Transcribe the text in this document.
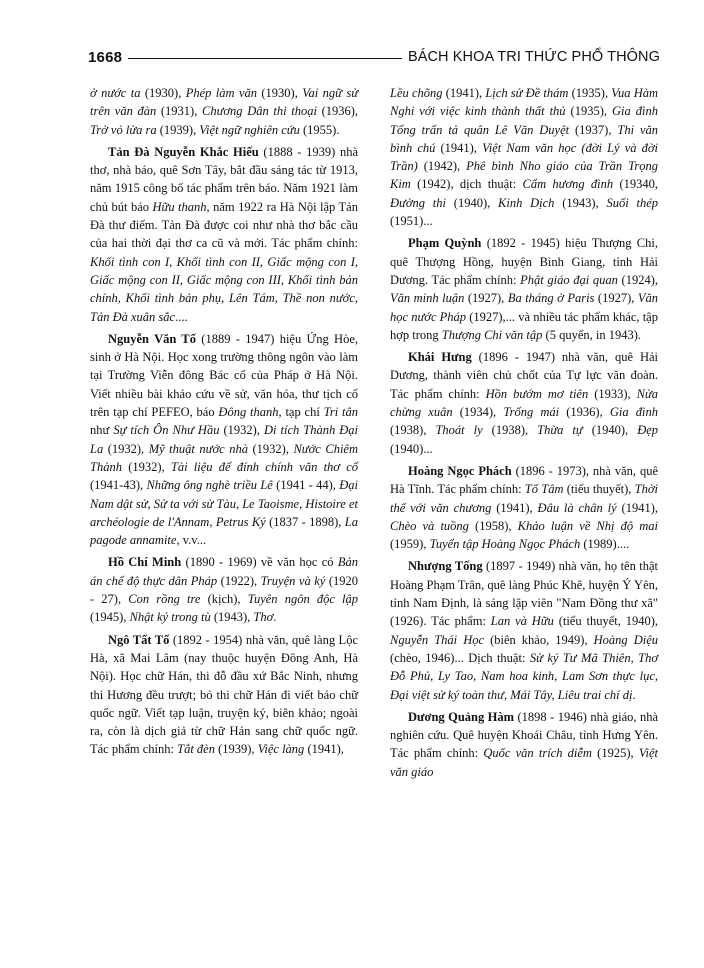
1668	BÁCH KHOA TRI THỨC PHỔ THÔNG

ở nước ta (1930), Phép làm văn (1930), Vai ngữ sử trên văn đàn (1931), Chương Dân thi thoại (1936), Trở vỏ lửa ra (1939), Việt ngữ nghiên cứu (1955).

Tản Đà Nguyễn Khắc Hiếu (1888 - 1939) nhà thơ, nhà báo, quê Sơn Tây, bắt đầu sáng tác từ 1913, năm 1915 công bố tác phẩm trên báo. Năm 1921 làm chủ bút báo Hữu thanh, năm 1922 ra Hà Nội lập Tản Đà thư điếm. Tản Đà được coi như nhà thơ bắc cầu của hai thời đại thơ ca cũ và mới. Tác phẩm chính: Khối tình con I, Khối tình con II, Giấc mộng con I, Giấc mộng con II, Giấc mộng con III, Khối tình bản chính, Khối tình bản phụ, Lên Tám, Thề non nước, Tản Đà xuân sắc....

Nguyễn Văn Tố (1889 - 1947) hiệu Ứng Hòe, sinh ở Hà Nội. Học xong trường thông ngôn vào làm tại Trường Viễn đông Bác cổ của Pháp ở Hà Nội. Viết nhiều bài khảo cứu về sử, văn hóa, thư tịch cổ trên tạp chí PEFEO, báo Đông thanh, tạp chí Tri tân như Sự tích Ôn Như Hầu (1932), Di tích Thành Đại La (1932), Mỹ thuật nước nhà (1932), Nước Chiêm Thành (1932), Tài liệu để đính chính văn thơ cổ (1941-43), Những ông nghè triều Lê (1941 - 44), Đại Nam dật sử, Sử ta với sử Tàu, Le Taoisme, Histoire et archéologie de l'Annam, Petrus Ký (1837 - 1898), La pagode annamite, v.v...

Hồ Chí Minh (1890 - 1969) về văn học có Bản án chế độ thực dân Pháp (1922), Truyện và ký (1920 - 27), Con rồng tre (kịch), Tuyên ngôn độc lập (1945), Nhật ký trong tù (1943), Thơ.

Ngô Tất Tố (1892 - 1954) nhà văn, quê làng Lộc Hà, xã Mai Lâm (nay thuộc huyện Đông Anh, Hà Nội). Học chữ Hán, thi đỗ đầu xứ Bắc Ninh, nhưng thi Hương đều trượt; bỏ thi chữ Hán đi viết báo chữ quốc ngữ. Viết tạp luận, truyện ký, biên khảo; ngoài ra, còn là dịch giả từ chữ Hán sang chữ quốc ngữ. Tác phẩm chính: Tắt đèn (1939), Việc làng (1941),

Lều chõng (1941), Lịch sử Đề thám (1935), Vua Hàm Nghi với việc kinh thành thất thủ (1935), Gia đình Tổng trấn tả quân Lê Văn Duyệt (1937), Thi văn bình chú (1941), Việt Nam văn học (đời Lý và đời Trần) (1942), Phê bình Nho giáo của Trần Trọng Kim (1942), dịch thuật: Cẩm hương đình (19340, Đường thi (1940), Kinh Dịch (1943), Suối thép (1951)...

Phạm Quỳnh (1892 - 1945) hiệu Thượng Chi, quê Thượng Hồng, huyện Bình Giang, tỉnh Hải Dương. Tác phẩm chính: Phật giáo đại quan (1924), Văn minh luận (1927), Ba tháng ở Paris (1927), Văn học nước Pháp (1927),... và nhiều tác phẩm khác, tập hợp trong Thượng Chi văn tập (5 quyển, in 1943).

Khái Hưng (1896 - 1947) nhà văn, quê Hải Dương, thành viên chủ chốt của Tự lực văn đoàn. Tác phẩm chính: Hồn bướm mơ tiên (1933), Nửa chừng xuân (1934), Trống mái (1936), Gia đình (1938), Thoát ly (1938), Thừa tự (1940), Đẹp (1940)...

Hoàng Ngọc Phách (1896 - 1973), nhà văn, quê Hà Tĩnh. Tác phẩm chính: Tố Tâm (tiểu thuyết), Thời thế với văn chương (1941), Đâu là chân lý (1941), Chèo và tuồng (1958), Khảo luận về Nhị độ mai (1959), Tuyển tập Hoàng Ngọc Phách (1989)....

Nhượng Tống (1897 - 1949) nhà văn, họ tên thật Hoàng Phạm Trân, quê làng Phúc Khê, huyện Ý Yên, tỉnh Nam Định, là sáng lập viên "Nam Đồng thư xã" (1926). Tác phẩm: Lan và Hữu (tiểu thuyết, 1940), Nguyễn Thái Học (biên khảo, 1949), Hoàng Diệu (chèo, 1946)... Dịch thuật: Sử ký Tư Mã Thiên, Thơ Đỗ Phủ, Ly Tao, Nam hoa kinh, Lam Sơn thực lục, Đại việt sử ký toàn thư, Mái Tây, Liêu trai chí dị.

Dương Quảng Hàm (1898 - 1946) nhà giáo, nhà nghiên cứu. Quê huyện Khoái Châu, tỉnh Hưng Yên. Tác phẩm chính: Quốc văn trích diễm (1925), Việt văn giáo
